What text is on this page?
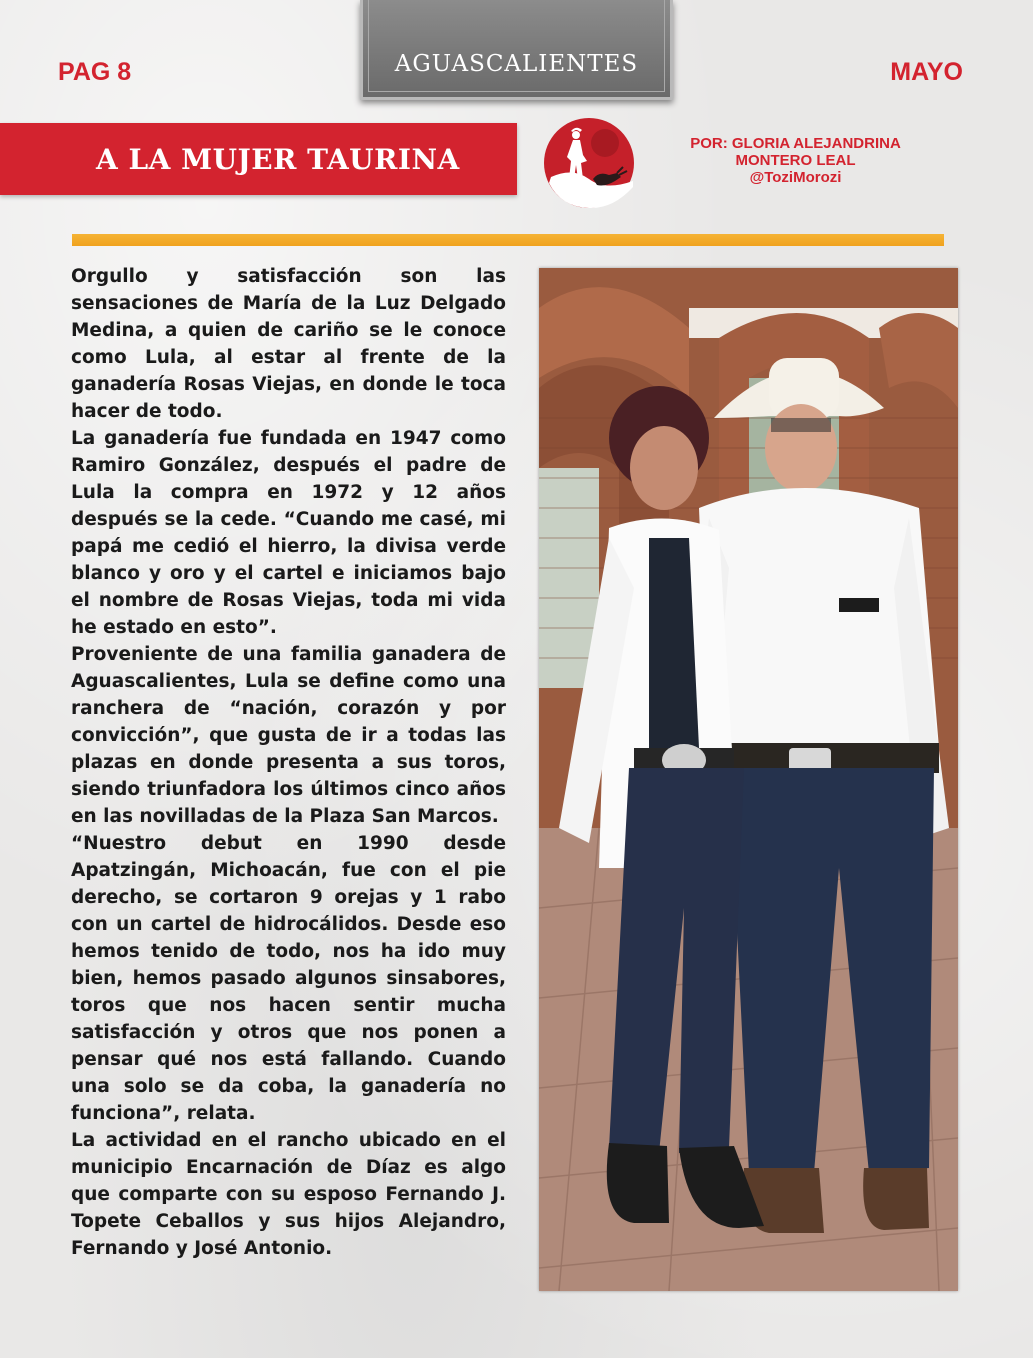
PAG 8	AGUASCALIENTES	MAYO
A LA MUJER TAURINA	POR: GLORIA ALEJANDRINA
MONTERO LEAL
@ToziMorozi

Orgullo y satisfacción son las sensaciones de María de la Luz Delgado Medina, a quien de cariño se le conoce como Lula, al estar al frente de la ganadería Rosas Viejas, en donde le toca hacer de todo.

La ganadería fue fundada en 1947 como Ramiro González, después el padre de Lula la compra en 1972 y 12 años después se la cede. “Cuando me casé, mi papá me cedió el hierro, la divisa verde blanco y oro y el cartel e iniciamos bajo el nombre de Rosas Viejas, toda mi vida he estado en esto”.

Proveniente de una familia ganadera de Aguascalientes, Lula se define como una ranchera de “nación, corazón y por convicción”, que gusta de ir a todas las plazas en donde presenta a sus toros, siendo triunfadora los últimos cinco años en las novilladas de la Plaza San Marcos.

“Nuestro debut en 1990 desde Apatzingán, Michoacán, fue con el pie derecho, se cortaron 9 orejas y 1 rabo con un cartel de hidrocálidos. Desde eso hemos tenido de todo, nos ha ido muy bien, hemos pasado algunos sinsabores, toros que nos hacen sentir mucha satisfacción y otros que nos ponen a pensar qué nos está fallando. Cuando una solo se da coba, la ganadería no funciona”, relata.

La actividad en el rancho ubicado en el municipio Encarnación de Díaz es algo que comparte con su esposo Fernando J. Topete Ceballos y sus hijos Alejandro, Fernando y José Antonio.
